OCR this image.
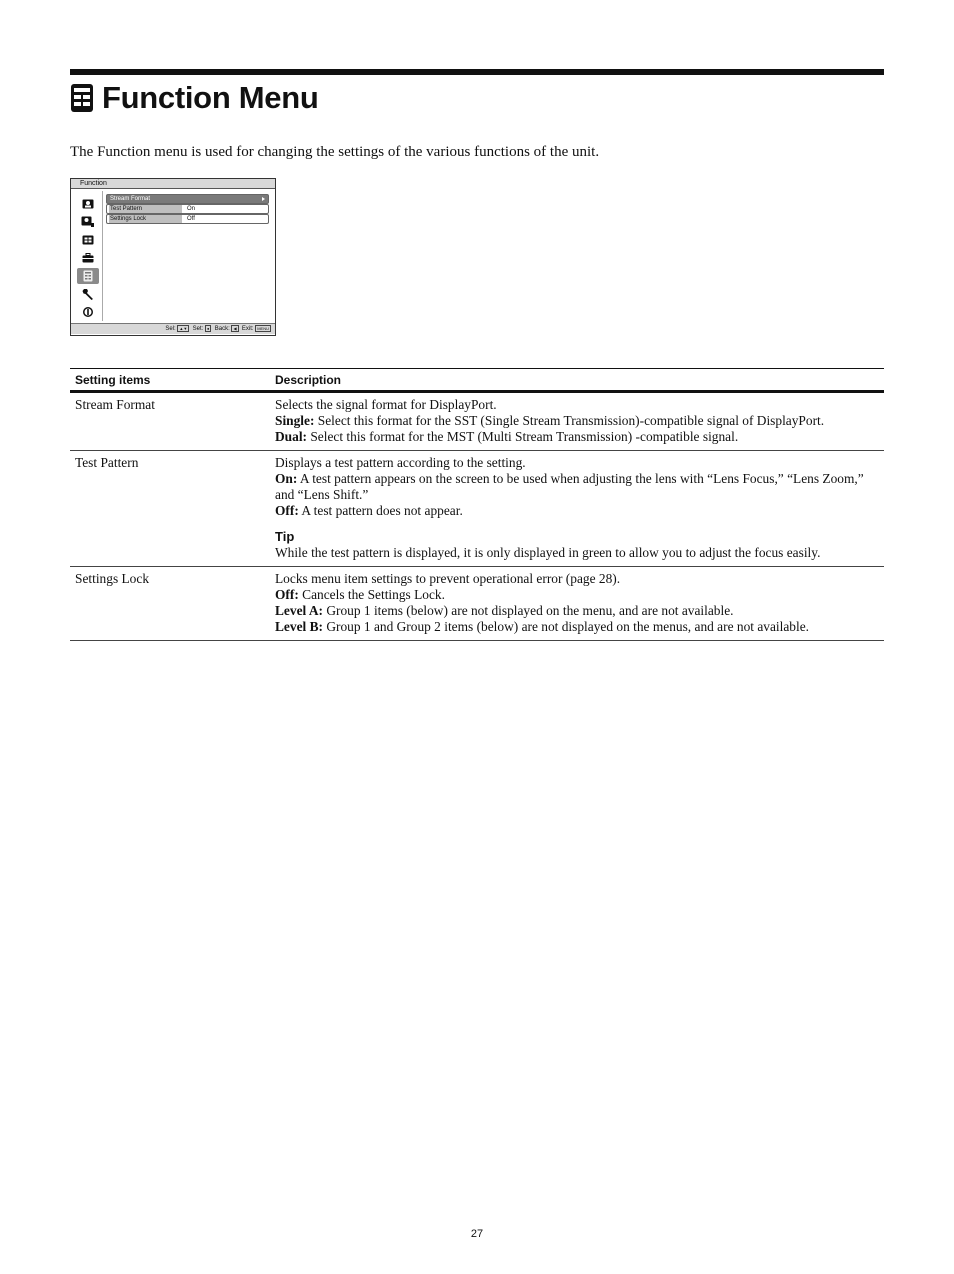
Function Menu
The Function menu is used for changing the settings of the various functions of the unit.
Function
Stream Format
Test Pattern	On
Settings Lock	Off
Sel: ▲▼ Set: ● Back: ◀ Exit: MENU
Setting items	Description
Stream Format	Selects the signal format for DisplayPort.
Single: Select this format for the SST (Single Stream Transmission)-compatible signal of DisplayPort.
Dual: Select this format for the MST (Multi Stream Transmission) -compatible signal.
Test Pattern	Displays a test pattern according to the setting.
On: A test pattern appears on the screen to be used when adjusting the lens with “Lens Focus,” “Lens Zoom,” and “Lens Shift.”
Off: A test pattern does not appear.
Tip
While the test pattern is displayed, it is only displayed in green to allow you to adjust the focus easily.
Settings Lock	Locks menu item settings to prevent operational error (page 28).
Off: Cancels the Settings Lock.
Level A: Group 1 items (below) are not displayed on the menu, and are not available.
Level B: Group 1 and Group 2 items (below) are not displayed on the menus, and are not available.
27
